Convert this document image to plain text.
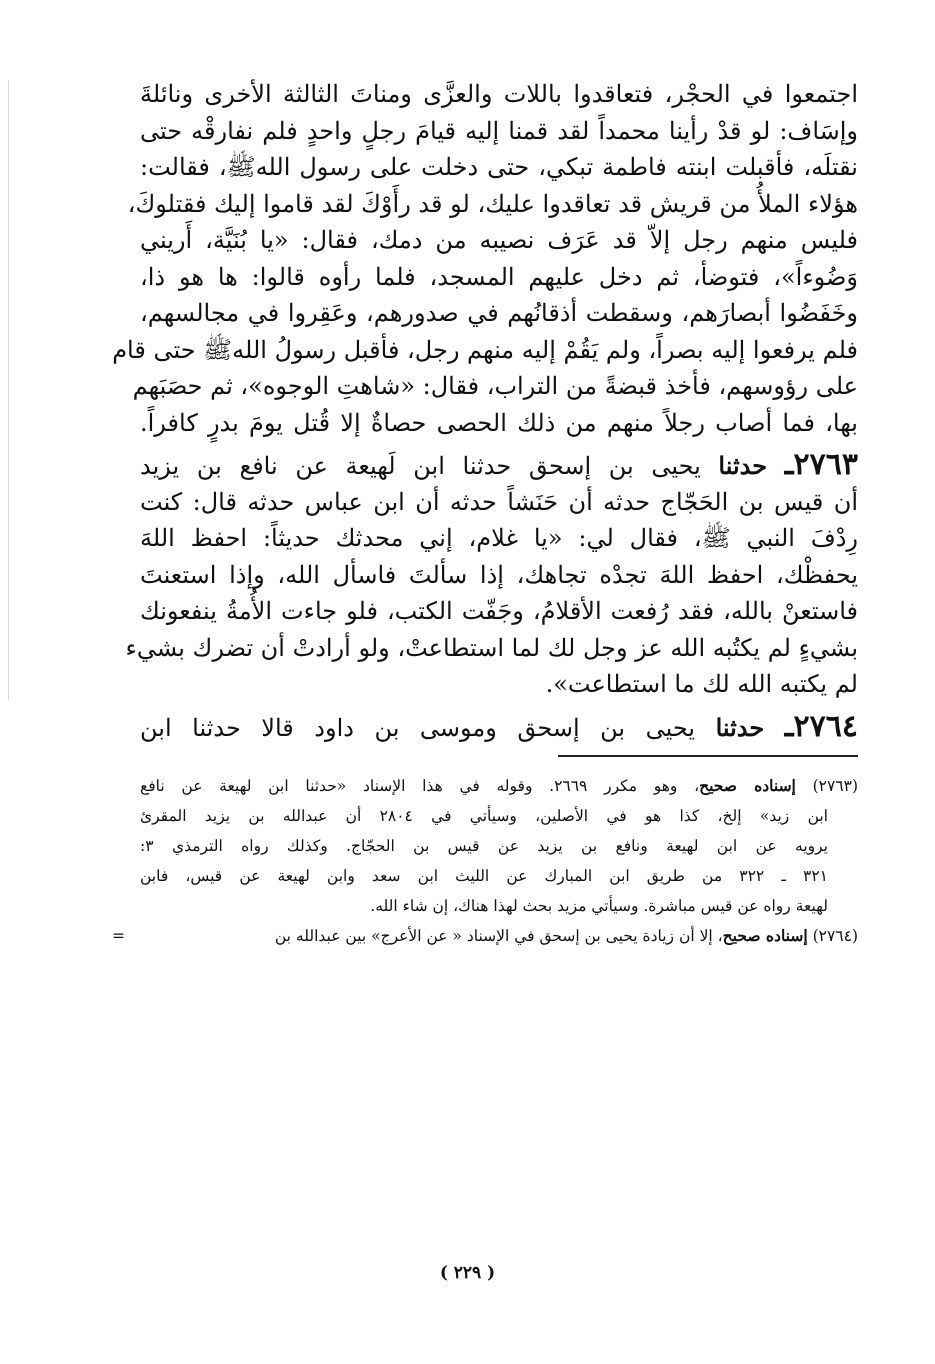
اجتمعوا في الحجْر، فتعاقدوا باللات والعزَّى ومناتَ الثالثة الأخرى ونائلةَ
وإسَاف: لو قدْ رأينا محمداً لقد قمنا إليه قيامَ رجلٍ واحدٍ فلم نفارقْه حتى
نقتلَه، فأقبلت ابنته فاطمة تبكي، حتى دخلت على رسول اللهﷺ، فقالت:
هؤلاء الملأُ من قريش قد تعاقدوا عليك، لو قد رأَوْكَ لقد قاموا إليك فقتلوكَ،
فليس منهم رجل إلاّ قد عَرَف نصيبه من دمك، فقال: «يا بُنَيَّة، أَريني
وَضُوءاً»، فتوضأ، ثم دخل عليهم المسجد، فلما رأوه قالوا: ها هو ذا،
وخَفَضُوا أبصارَهم، وسقطت أذقانُهم في صدورهم، وعَقِروا في مجالسهم،
فلم يرفعوا إليه بصراً، ولم يَقُمْ إليه منهم رجل، فأقبل رسولُ اللهﷺ حتى قام
على رؤوسهم، فأخذ قبضةً من التراب، فقال: «شاهتِ الوجوه»، ثم حصَبَهم
بها، فما أصاب رجلاً منهم من ذلك الحصى حصاةٌ إلا قُتل يومَ بدرٍ كافراً.
٢٧٦٣ـ حدثنا يحيى بن إسحق حدثنا ابن لَهيعة عن نافع بن يزيد
أن قيس بن الحَجّاج حدثه أن حَنَشاً حدثه أن ابن عباس حدثه قال: كنت
رِدْفَ النبي ﷺ، فقال لي: «يا غلام، إني محدثك حديثاً: احفظ اللهَ
يحفظْك، احفظ اللهَ تجدْه تجاهك، إذا سألتَ فاسأل الله، وإذا استعنتَ
فاستعنْ بالله، فقد رُفعت الأقلامُ، وجَفّت الكتب، فلو جاءت الأُمةُ ينفعونك
بشيءٍ لم يكتُبه الله عز وجل لك لما استطاعتْ، ولو أرادتْ أن تضرك بشيء
لم يكتبه الله لك ما استطاعت».
٢٧٦٤ـ حدثنا يحيى بن إسحق وموسى بن داود قالا حدثنا ابن
(٢٧٦٣) إسناده صحيح، وهو مكرر ٢٦٦٩. وقوله في هذا الإسناد «حدثنا ابن لهيعة عن نافع
ابن زيد» إلخ، كذا هو في الأصلين، وسيأتي في ٢٨٠٤ أن عبدالله بن يزيد المقرئ
يرويه عن ابن لهيعة ونافع بن يزيد عن قيس بن الحجّاج. وكذلك رواه الترمذي ٣:
٣٢١ ـ ٣٢٢ من طريق ابن المبارك عن الليث ابن سعد وابن لهيعة عن قيس، فابن
لهيعة رواه عن قيس مباشرة. وسيأتي مزيد بحث لهذا هناك، إن شاء الله.
(٢٧٦٤) إسناده صحيح، إلا أن زيادة يحيى بن إسحق في الإسناد « عن الأعرج» بين عبدالله بن
=
( ٢٢٩ )
